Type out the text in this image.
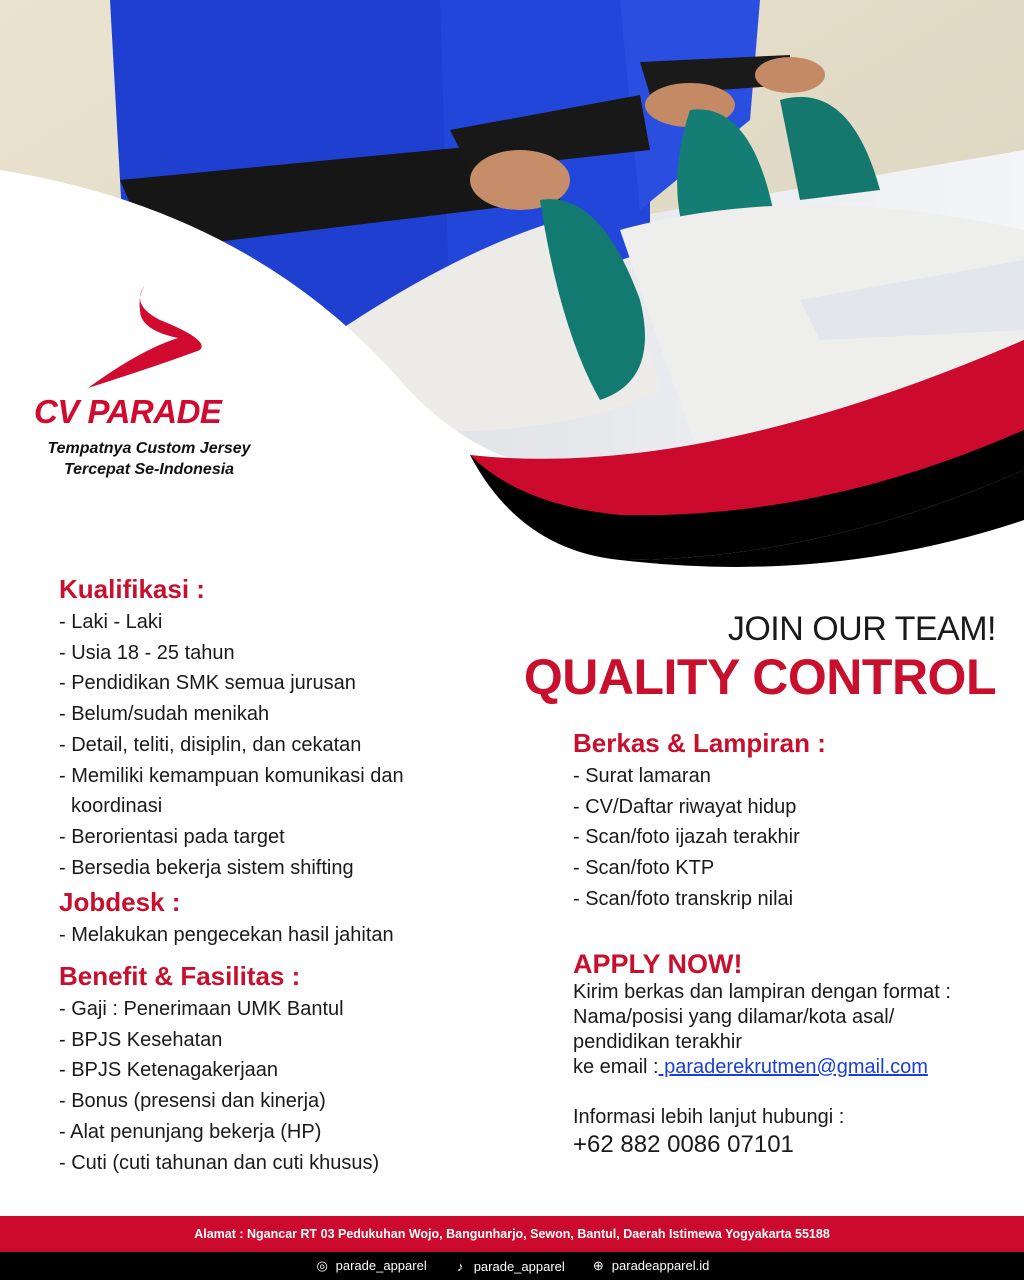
CV PARADE
Tempatnya Custom Jersey
Tercepat Se-Indonesia
Kualifikasi :
- Laki - Laki
- Usia 18 - 25 tahun
- Pendidikan SMK semua jurusan
- Belum/sudah menikah
- Detail, teliti, disiplin, dan cekatan
- Memiliki kemampuan komunikasi dan koordinasi
- Berorientasi pada target
- Bersedia bekerja sistem shifting
Jobdesk :
- Melakukan pengecekan hasil jahitan
Benefit & Fasilitas :
- Gaji : Penerimaan UMK Bantul
- BPJS Kesehatan
- BPJS Ketenagakerjaan
- Bonus (presensi dan kinerja)
- Alat penunjang bekerja (HP)
- Cuti (cuti tahunan dan cuti khusus)
JOIN OUR TEAM!
QUALITY CONTROL
Berkas & Lampiran :
- Surat lamaran
- CV/Daftar riwayat hidup
- Scan/foto ijazah terakhir
- Scan/foto KTP
- Scan/foto transkrip nilai
APPLY NOW!
Kirim berkas dan lampiran dengan format :
Nama/posisi yang dilamar/kota asal/
pendidikan terakhir
ke email : paraderekrutmen@gmail.com
Informasi lebih lanjut hubungi :
+62 882 0086 07101
Alamat : Ngancar RT 03 Pedukuhan Wojo, Bangunharjo, Sewon, Bantul, Daerah Istimewa Yogyakarta 55188
◎ parade_apparel	♪ parade_apparel ⊕ paradeapparel.id
